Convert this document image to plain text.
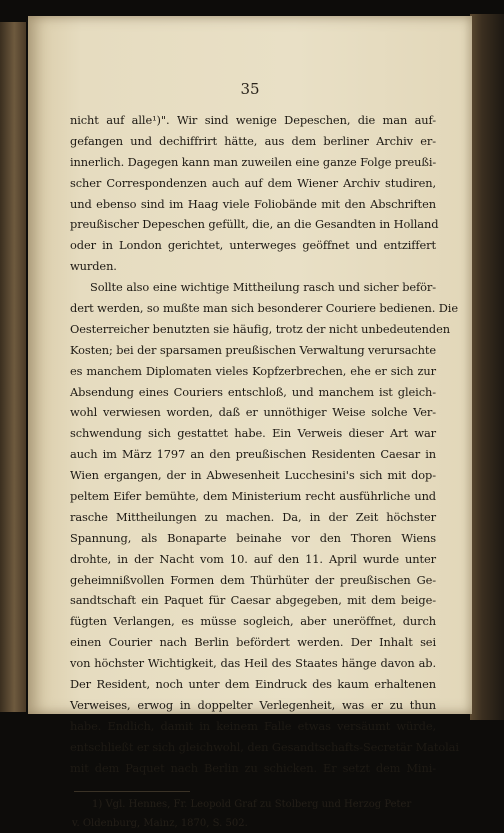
35
nicht auf alle¹)". Wir sind wenige Depeschen, die man auf-
gefangen und dechiffrirt hätte, aus dem berliner Archiv er-
innerlich. Dagegen kann man zuweilen eine ganze Folge preußi-
scher Correspondenzen auch auf dem Wiener Archiv studiren,
und ebenso sind im Haag viele Foliobände mit den Abschriften
preußischer Depeschen gefüllt, die, an die Gesandten in Holland
oder in London gerichtet, unterweges geöffnet und entziffert
wurden.
Sollte also eine wichtige Mittheilung rasch und sicher beför-
dert werden, so mußte man sich besonderer Couriere bedienen. Die
Oesterreicher benutzten sie häufig, trotz der nicht unbedeutenden
Kosten; bei der sparsamen preußischen Verwaltung verursachte
es manchem Diplomaten vieles Kopfzerbrechen, ehe er sich zur
Absendung eines Couriers entschloß, und manchem ist gleich-
wohl verwiesen worden, daß er unnöthiger Weise solche Ver-
schwendung sich gestattet habe. Ein Verweis dieser Art war
auch im März 1797 an den preußischen Residenten Caesar in
Wien ergangen, der in Abwesenheit Lucchesini's sich mit dop-
peltem Eifer bemühte, dem Ministerium recht ausführliche und
rasche Mittheilungen zu machen. Da, in der Zeit höchster
Spannung, als Bonaparte beinahe vor den Thoren Wiens
drohte, in der Nacht vom 10. auf den 11. April wurde unter
geheimnißvollen Formen dem Thürhüter der preußischen Ge-
sandtschaft ein Paquet für Caesar abgegeben, mit dem beige-
fügten Verlangen, es müsse sogleich, aber uneröffnet, durch
einen Courier nach Berlin befördert werden. Der Inhalt sei
von höchster Wichtigkeit, das Heil des Staates hänge davon ab.
Der Resident, noch unter dem Eindruck des kaum erhaltenen
Verweises, erwog in doppelter Verlegenheit, was er zu thun
habe. Endlich, damit in keinem Falle etwas versäumt würde,
entschließt er sich gleichwohl, den Gesandtschafts-Secretär Matolai
mit dem Paquet nach Berlin zu schicken. Er setzt dem Mini-
1) Vgl. Hennes, Fr. Leopold Graf zu Stolberg und Herzog Peter
v. Oldenburg, Mainz, 1870, S. 502.
